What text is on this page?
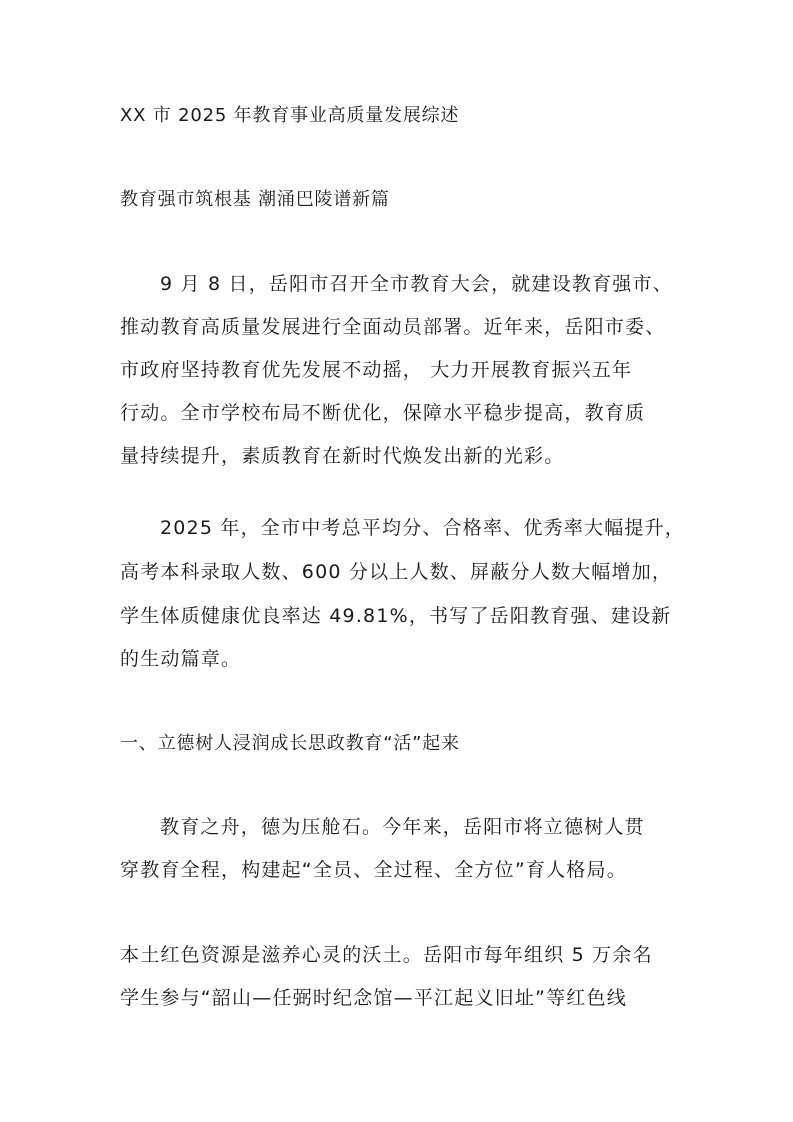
XX 市 2025 年教育事业高质量发展综述
教育强市筑根基 潮涌巴陵谱新篇
9 月 8 日，岳阳市召开全市教育大会，就建设教育强市、
推动教育高质量发展进行全面动员部署。近年来，岳阳市委、
市政府坚持教育优先发展不动摇， 大力开展教育振兴五年
行动。全市学校布局不断优化，保障水平稳步提高，教育质
量持续提升，素质教育在新时代焕发出新的光彩。
2025 年，全市中考总平均分、合格率、优秀率大幅提升，
高考本科录取人数、600 分以上人数、屏蔽分人数大幅增加，
学生体质健康优良率达 49.81%，书写了岳阳教育强、建设新
的生动篇章。
一、立德树人浸润成长思政教育“活”起来
教育之舟，德为压舱石。今年来，岳阳市将立德树人贯
穿教育全程，构建起“全员、全过程、全方位”育人格局。
本土红色资源是滋养心灵的沃土。岳阳市每年组织 5 万余名
学生参与“韶山—任弼时纪念馆—平江起义旧址”等红色线
